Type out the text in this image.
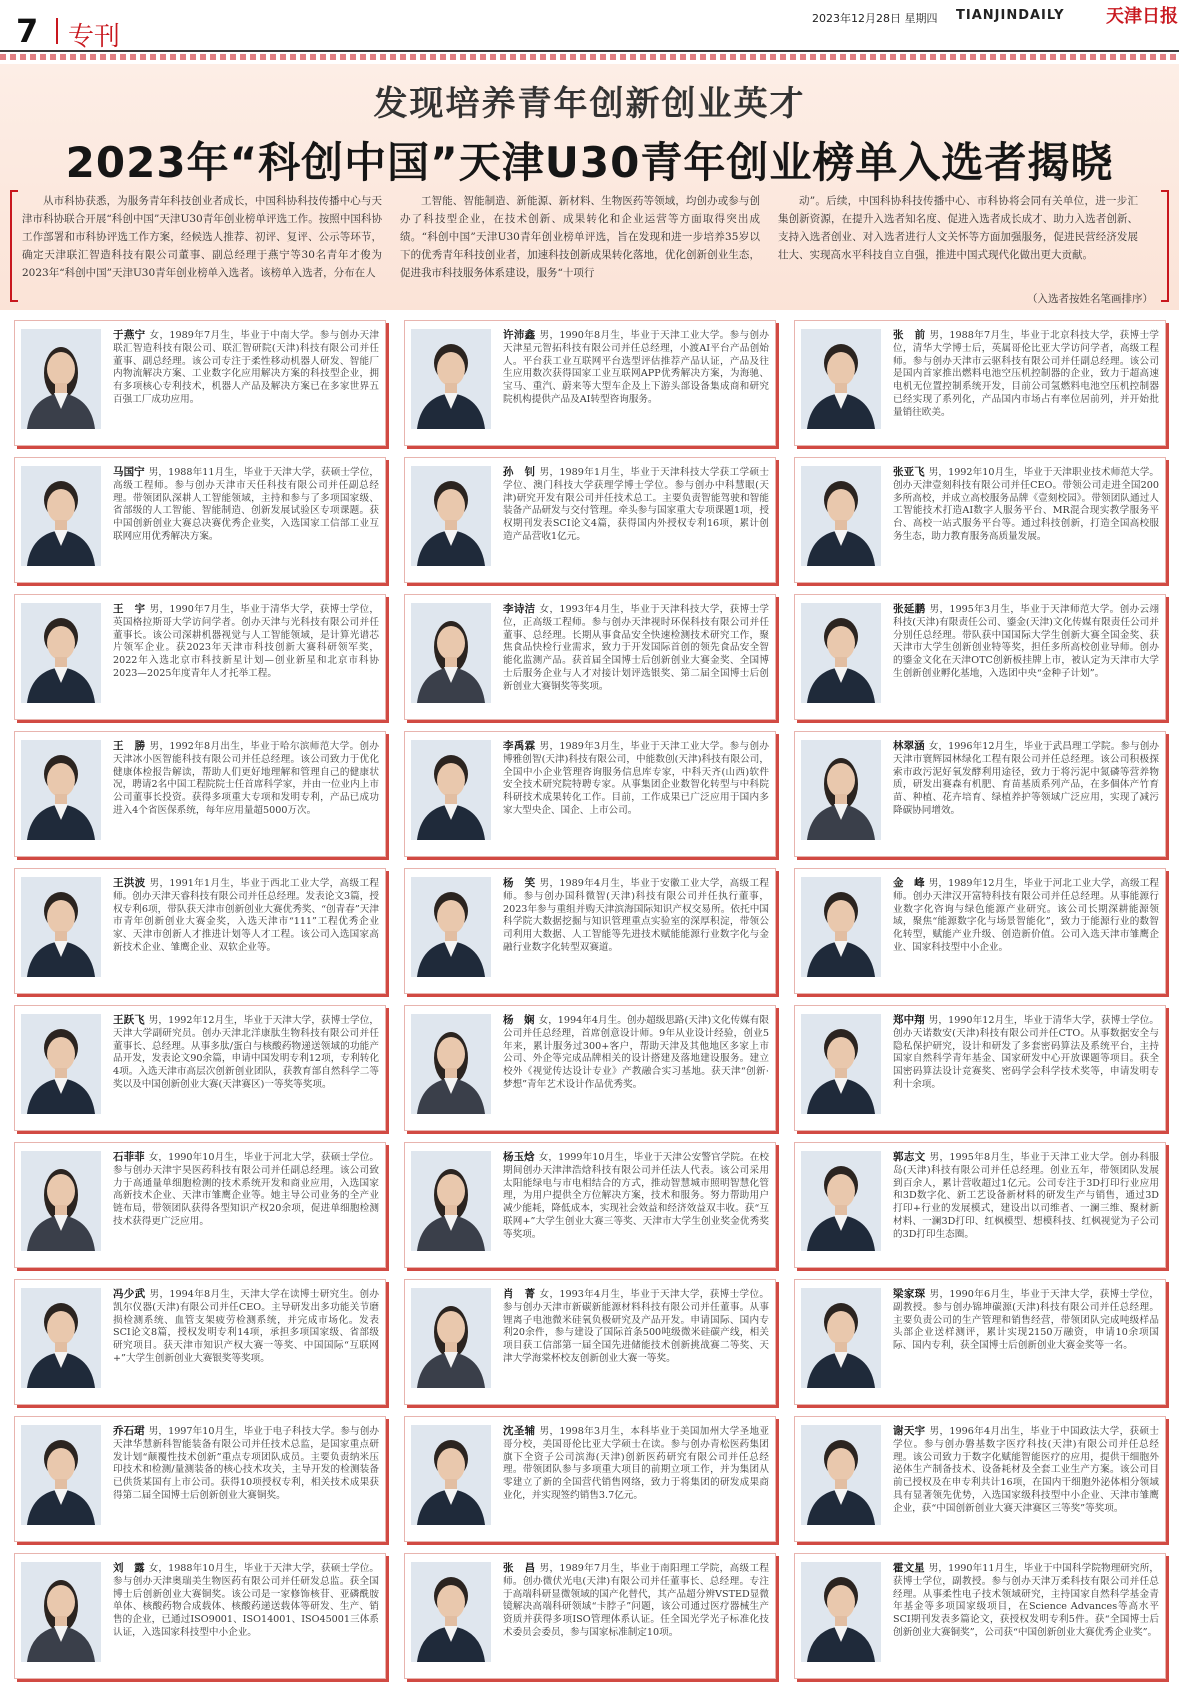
7 专刊
2023年12月28日 星期四 TIANJINDAILY 天津日报
发现培养青年创新创业英才
2023年“科创中国”天津U30青年创业榜单入选者揭晓

从市科协获悉，为服务青年科技创业者成长，中国科协科技传播中心与天津市科协联合开展“科创中国”天津U30青年创业榜单评选工作。按照中国科协工作部署和市科协评选工作方案，经候选人推荐、初评、复评、公示等环节，确定天津联汇智造科技有限公司董事、副总经理于燕宁等30名青年才俊为2023年“科创中国”天津U30青年创业榜单入选者。该榜单入选者，分布在人

工智能、智能制造、新能源、新材料、生物医药等领域，均创办或参与创办了科技型企业，在技术创新、成果转化和企业运营等方面取得突出成绩。“科创中国”天津U30青年创业榜单评选，旨在发现和进一步培养35岁以下的优秀青年科技创业者，加速科技创新成果转化落地，优化创新创业生态，促进我市科技服务体系建设，服务“十项行

动”。后续，中国科协科技传播中心、市科协将会同有关单位，进一步汇集创新资源，在提升入选者知名度、促进入选者成长成才、助力入选者创新、支持入选者创业、对入选者进行人文关怀等方面加强服务，促进民营经济发展壮大、实现高水平科技自立自强，推进中国式现代化做出更大贡献。

（入选者按姓名笔画排序）
于燕宁 女，1989年7月生，毕业于中南大学。参与创办天津联汇智造科技有限公司、联汇智研院(天津)科技有限公司并任董事、副总经理。该公司专注于柔性移动机器人研发、智能厂内物流解决方案、工业数字化应用解决方案的科技型企业，拥有多项核心专利技术，机器人产品及解决方案已在多家世界五百强工厂成功应用。
许沛鑫 男，1990年8月生，毕业于天津工业大学。参与创办天津星元智拓科技有限公司并任总经理，小渡AI平台产品创始人。平台获工业互联网平台选型评估推荐产品认证，产品及往生应用数次获得国家工业互联网APP优秀解决方案，为海驰、宝马、重汽、蔚来等大型车企及上下游头部设备集成商和研究院机构提供产品及AI转型咨询服务。
张　前 男，1988年7月生，毕业于北京科技大学，获博士学位，清华大学博士后，英属哥伦比亚大学访问学者，高级工程师。参与创办天津市云驱科技有限公司并任副总经理。该公司是国内首家推出燃料电池空压机控制器的企业，致力于超高速电机无位置控制系统开发，目前公司氢燃料电池空压机控制器已经实现了系列化，产品国内市场占有率位居前列，并开始批量销往欧美。
马国宁 男，1988年11月生，毕业于天津大学，获硕士学位，高级工程师。参与创办天津市天任科技有限公司并任副总经理。带领团队深耕人工智能领域，主持和参与了多项国家级、省部级的人工智能、智能制造、创新发展试验区专项课题。获中国创新创业大赛总决赛优秀企业奖，入选国家工信部工业互联网应用优秀解决方案。
孙　钊 男，1989年1月生，毕业于天津科技大学获工学硕士学位、澳门科技大学获理学博士学位。参与创办中科慧眼(天津)研究开发有限公司并任技术总工。主要负责智能驾驶和智能装备产品研发与交付管理。牵头参与国家重大专项课题1项，授权期刊发表SCI论文4篇，获得国内外授权专利16项，累计创造产品营收1亿元。
张亚飞 男，1992年10月生，毕业于天津职业技术师范大学。创办天津壹刻科技有限公司并任CEO。带领公司走进全国200多所高校，并成立高校服务品牌《壹刻校园》。带领团队通过人工智能技术打造AI数字人服务平台、MR混合现实教学服务平台、高校一站式服务平台等。通过科技创新，打造全国高校服务生态，助力教育服务高质量发展。
王　宇 男，1990年7月生，毕业于清华大学，获博士学位，英国格拉斯哥大学访问学者。创办天津与光科技有限公司并任董事长。该公司深耕机器视觉与人工智能领域，是计算光谱芯片领军企业。获2023年天津市科技创新大赛科研领军奖，2022年入选北京市科技新星计划—创业新星和北京市科协2023—2025年度青年人才托举工程。
李诗洁 女，1993年4月生，毕业于天津科技大学，获博士学位，正高级工程师。参与创办天津视时环保科技有限公司并任董事、总经理。长期从事食品安全快速检测技术研究工作，聚焦食品快检行业需求，致力于开发国际首创的领先食品安全智能化监测产品。获首届全国博士后创新创业大赛金奖、全国博士后服务企业与人才对接计划评选银奖、第二届全国博士后创新创业大赛铜奖等奖项。
张延鹏 男，1995年3月生，毕业于天津师范大学。创办云翊科技(天津)有限责任公司、鎏金(天津)文化传媒有限责任公司并分别任总经理。带队获中国国际大学生创新大赛全国金奖、获天津市大学生创新创业特等奖，担任多所高校创业导师。创办的鎏金文化在天津OTC创新板挂牌上市，被认定为天津市大学生创新创业孵化基地，入选团中央“金种子计划”。
王　勝 男，1992年8月出生，毕业于哈尔滨师范大学。创办天津冰小医智能科技有限公司并任总经理。该公司致力于优化健康体检报告解读，帮助人们更好地理解和管理自己的健康状况，聘请2名中国工程院院士任首席科学家，并由一位业内上市公司董事长投资。获得多项重大专项和发明专利，产品已成功进入4个省医保系统，每年应用量超5000万次。
李禹霖 男，1989年3月生，毕业于天津工业大学。参与创办博雅创智(天津)科技有限公司，中能数创(天津)科技有限公司，全国中小企业管理咨询服务信息库专家，中科天齐(山西)软件安全技术研究院特聘专家。从事集团企业数智化转型与中科院科研技术成果转化工作。目前，工作成果已广泛应用于国内多家大型央企、国企、上市公司。
林翠涵 女，1996年12月生，毕业于武昌理工学院。参与创办天津市寰辉园林绿化工程有限公司并任总经理。该公司积极探索市政污泥好氧发酵利用途径，致力于将污泥中氮磷等营养物质，研发出赛森有机肥、育苗基质系列产品，在多個体产竹育苗、种植、花卉培育、绿植养护等领域广泛应用，实现了减污降碳协同增效。
王洪波 男，1991年1月生，毕业于西北工业大学，高级工程师。创办天津天睿科技有限公司并任总经理。发表论文3篇，授权专利6项，带队获天津市创新创业大赛优秀奖、“创青春”天津市青年创新创业大赛金奖，入选天津市“111”工程优秀企业家、天津市创新人才推进计划等人才工程。该公司入选国家高新技术企业、雏鹰企业、双软企业等。
杨　笑 男，1989年4月生，毕业于安徽工业大学，高级工程师。参与创办国科微智(天津)科技有限公司并任执行董事，2023年参与重组并购天津滨海国际知识产权交易所。依托中国科学院大数据挖掘与知识管理重点实验室的深厚积淀，带领公司利用大数据、人工智能等先进技术赋能能源行业数字化与金融行业数字化转型双赛道。
金　峰 男，1989年12月生，毕业于河北工业大学，高级工程师。创办天津汉开富特科技有限公司并任总经理。从事能源行业数字化咨询与绿色能源产业研究。该公司长期深耕能源领域，聚焦“能源数字化与场景智能化”，致力于能源行业的数智化转型，赋能产业升级、创造新价值。公司入选天津市雏鹰企业、国家科技型中小企业。
王跃飞 男，1992年12月生，毕业于天津大学，获博士学位，天津大学副研究员。创办天津北洋康肽生物科技有限公司并任董事长、总经理。从事多肽/蛋白与核酸药物递送领域的功能产品开发，发表论文90余篇，申请中国发明专利12项，专利转化4项。入选天津市高层次创新创业团队，获教育部自然科学二等奖以及中国创新创业大赛(天津赛区)一等奖等奖项。
杨　娴 女，1994年4月生。创办超级思路(天津)文化传媒有限公司并任总经理，首席创意设计师。9年从业设计经验，创业5年来，累计服务过300+客户，帮助天津及其他地区多家上市公司、外企等完成品牌相关的设计搭建及落地建设服务。建立校外《视觉传达设计专业》产教融合实习基地。获天津“创新·梦想”青年艺术设计作品优秀奖。
郑中翔 男，1990年12月生，毕业于清华大学，获博士学位。创办天诺数安(天津)科技有限公司并任CTO。从事数据安全与隐私保护研究，设计和研发了多套密码算法及系统平台，主持国家自然科学青年基金、国家研发中心开放课题等项目。获全国密码算法设计竞赛奖、密码学会科学技术奖等，申请发明专利十余项。
石菲菲 女，1990年10月生，毕业于河北大学，获硕士学位。参与创办天津宇昊医药科技有限公司并任副总经理。该公司致力于高通量单细胞检测的技术系统开发和商业应用，入选国家高新技术企业、天津市雏鹰企业等。她主导公司业务的全产业链布局，带领团队获得各型知识产权20余项，促进单细胞检测技术获得更广泛应用。
杨玉焓 女，1999年10月生，毕业于天津公安警官学院。在校期间创办天津津浩焓科技有限公司并任法人代表。该公司采用太阳能绿电与市电相结合的方式，推动智慧城市照明智慧化管理，为用户提供全方位解决方案，技术和服务。努力帮助用户减少能耗，降低成本，实现社会效益和经济效益双丰收。获“互联网+”大学生创业大赛三等奖、天津市大学生创业奖金优秀奖等奖项。
郭志文 男，1995年8月生，毕业于天津工业大学。创办科服岛(天津)科技有限公司并任总经理。创业五年，带领团队发展到百余人，累计营收超过1亿元。公司专注于3D打印行业应用和3D数字化、新工艺设备新材料的研发生产与销售，通过3D打印+行业的发展模式，建设出以司维者、一澜三维、聚材新材料、一澜3D打印、红枫模型、想模科技、红枫视觉为子公司的3D打印生态圈。
冯少武 男，1994年8月生，天津大学在读博士研究生。创办凯尔仪器(天津)有限公司并任CEO。主导研发出多功能关节磨损检测系统、血管支架疲劳检测系统，并完成市场化。发表SCI论文8篇，授权发明专利14项，承担多项国家级、省部级研究项目。获天津市知识产权大赛一等奖、中国国际“互联网+”大学生创新创业大赛银奖等奖项。
肖　菁 女，1993年4月生，毕业于天津大学，获博士学位。参与创办天津市新碳新能源材料科技有限公司并任董事。从事锂离子电池微米硅氧负极研究及产品开发。申请国际、国内专利20余件，参与建设了国际首条500吨级微米硅碳产线，相关项目获工信部第一届全国先进储能技术创新挑战赛二等奖、天津大学海棠杯校友创新创业大赛一等奖。
梁家琛 男，1990年6月生，毕业于天津大学，获博士学位，副教授。参与创办锦坤碳源(天津)科技有限公司并任总经理。主要负责公司的生产管理和销售经营，带领团队完成吨级样品头部企业送样测评，累计实现2150万融资，申请10余项国际、国内专利，获全国博士后创新创业大赛金奖等一名。
乔石珺 男，1997年10月生，毕业于电子科技大学。参与创办天津华慧新科智能装备有限公司并任技术总监，是国家重点研发计划“颠覆性技术创新”重点专项团队成员。主要负责纳米压印技术和检测/量测装备的核心技术攻关，主导开发的检测装备已供货某国有上市公司。获得10项授权专利，相关技术成果获得第二届全国博士后创新创业大赛铜奖。
沈圣辅 男，1998年3月生，本科毕业于美国加州大学圣地亚哥分校，美国哥伦比亚大学硕士在读。参与创办青松医药集团旗下全资子公司滨海(天津)创新医药研究有限公司并任总经理。带领团队参与多项重大项目的前期立项工作，并为集团从零建立了新的全国营代销售网络，致力于将集团的研发成果商业化，并实现签约销售3.7亿元。
谢天宇 男，1996年4月出生，毕业于中国政法大学，获硕士学位。参与创办磐基数字医疗科技(天津)有限公司并任总经理。该公司致力于数字化赋能智能医疗的应用，提供干细胞外泌体生产制备技术、设备耗材及全套工业生产方案。该公司目前已授权及在申专利共计16项，在国内干细胞外泌体相分领域具有显著领先优势，入选国家级科技型中小企业、天津市雏鹰企业，获“中国创新创业大赛天津赛区三等奖”等奖项。
刘　露 女，1988年10月生，毕业于天津大学，获硕士学位。参与创办天津奥瑞美生物医药有限公司并任研发总监。获全国博士后创新创业大赛铜奖。该公司是一家修饰核苷、亚磷酰胺单体、核酸药物合成载体、核酸药递送载体等研发、生产、销售的企业，已通过ISO9001、ISO14001、ISO45001三体系认证，入选国家科技型中小企业。
张　昌 男，1989年7月生，毕业于南阳理工学院，高级工程师。创办微伏光电(天津)有限公司并任董事长、总经理。专注于高端科研显微领域的国产化替代，其产品超分辨VSTED显微镜解决高端科研领域“卡脖子”问题，该公司通过医疗器械生产资质并获得多项ISO管理体系认证。任全国光学光子标准化技术委员会委员，参与国家标准制定10项。
霍文星 男，1990年11月生，毕业于中国科学院物理研究所，获博士学位，副教授。参与创办天津万柔科技有限公司并任总经理。从事柔性电子技术领域研究，主持国家自然科学基金青年基金等多项国家级项目，在Science Advances等高水平SCI期刊发表多篇论文，获授权发明专利5件。获“全国博士后创新创业大赛铜奖”，公司获“中国创新创业大赛优秀企业奖”。
